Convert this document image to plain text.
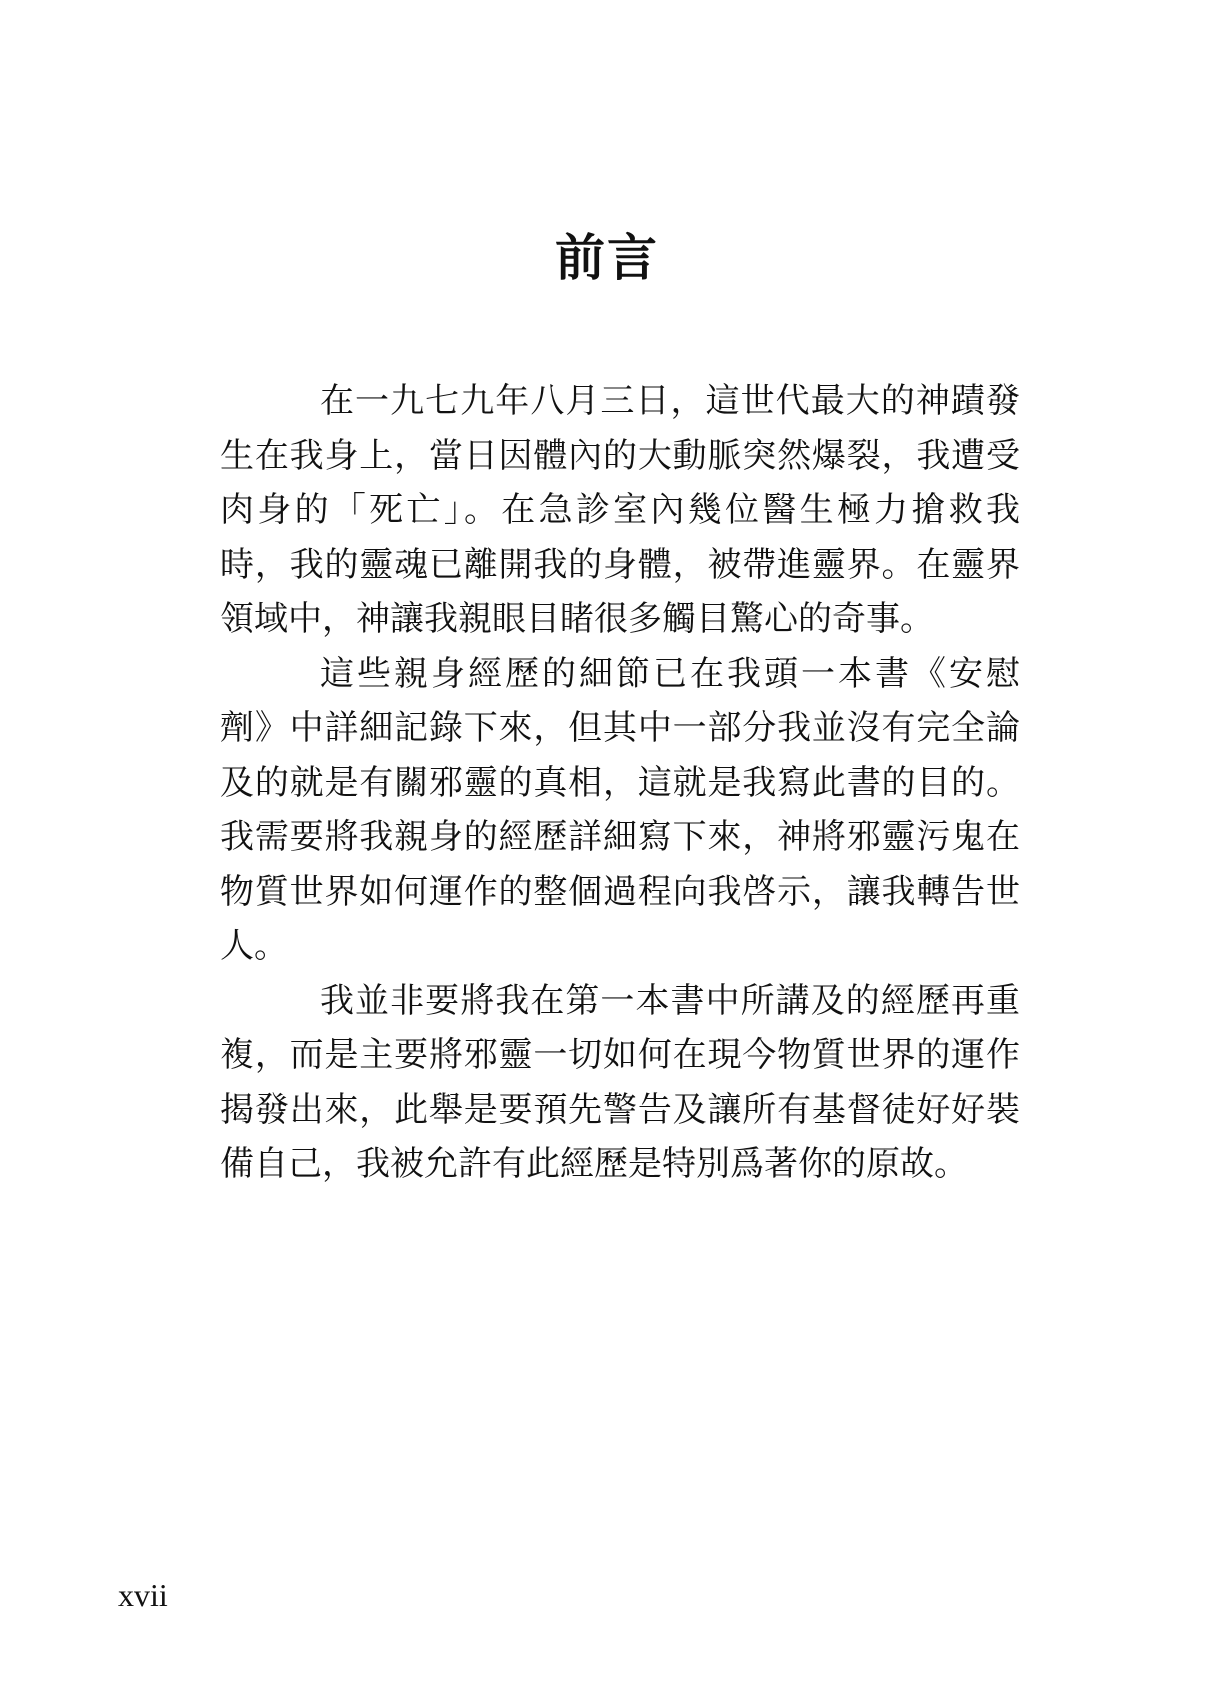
前言
在一九七九年八月三日，這世代最大的神蹟發
生在我身上，當日因體內的大動脈突然爆裂，我遭受
肉身的「死亡」。在急診室內幾位醫生極力搶救我
時，我的靈魂已離開我的身體，被帶進靈界。在靈界
領域中，神讓我親眼目睹很多觸目驚心的奇事。
這些親身經歷的細節已在我頭一本書《安慰
劑》中詳細記錄下來，但其中一部分我並沒有完全論
及的就是有關邪靈的真相，這就是我寫此書的目的。
我需要將我親身的經歷詳細寫下來，神將邪靈污鬼在
物質世界如何運作的整個過程向我啓示，讓我轉告世
人。
我並非要將我在第一本書中所講及的經歷再重
複，而是主要將邪靈一切如何在現今物質世界的運作
揭發出來，此舉是要預先警告及讓所有基督徒好好裝
備自己，我被允許有此經歷是特別爲著你的原故。
xvii
